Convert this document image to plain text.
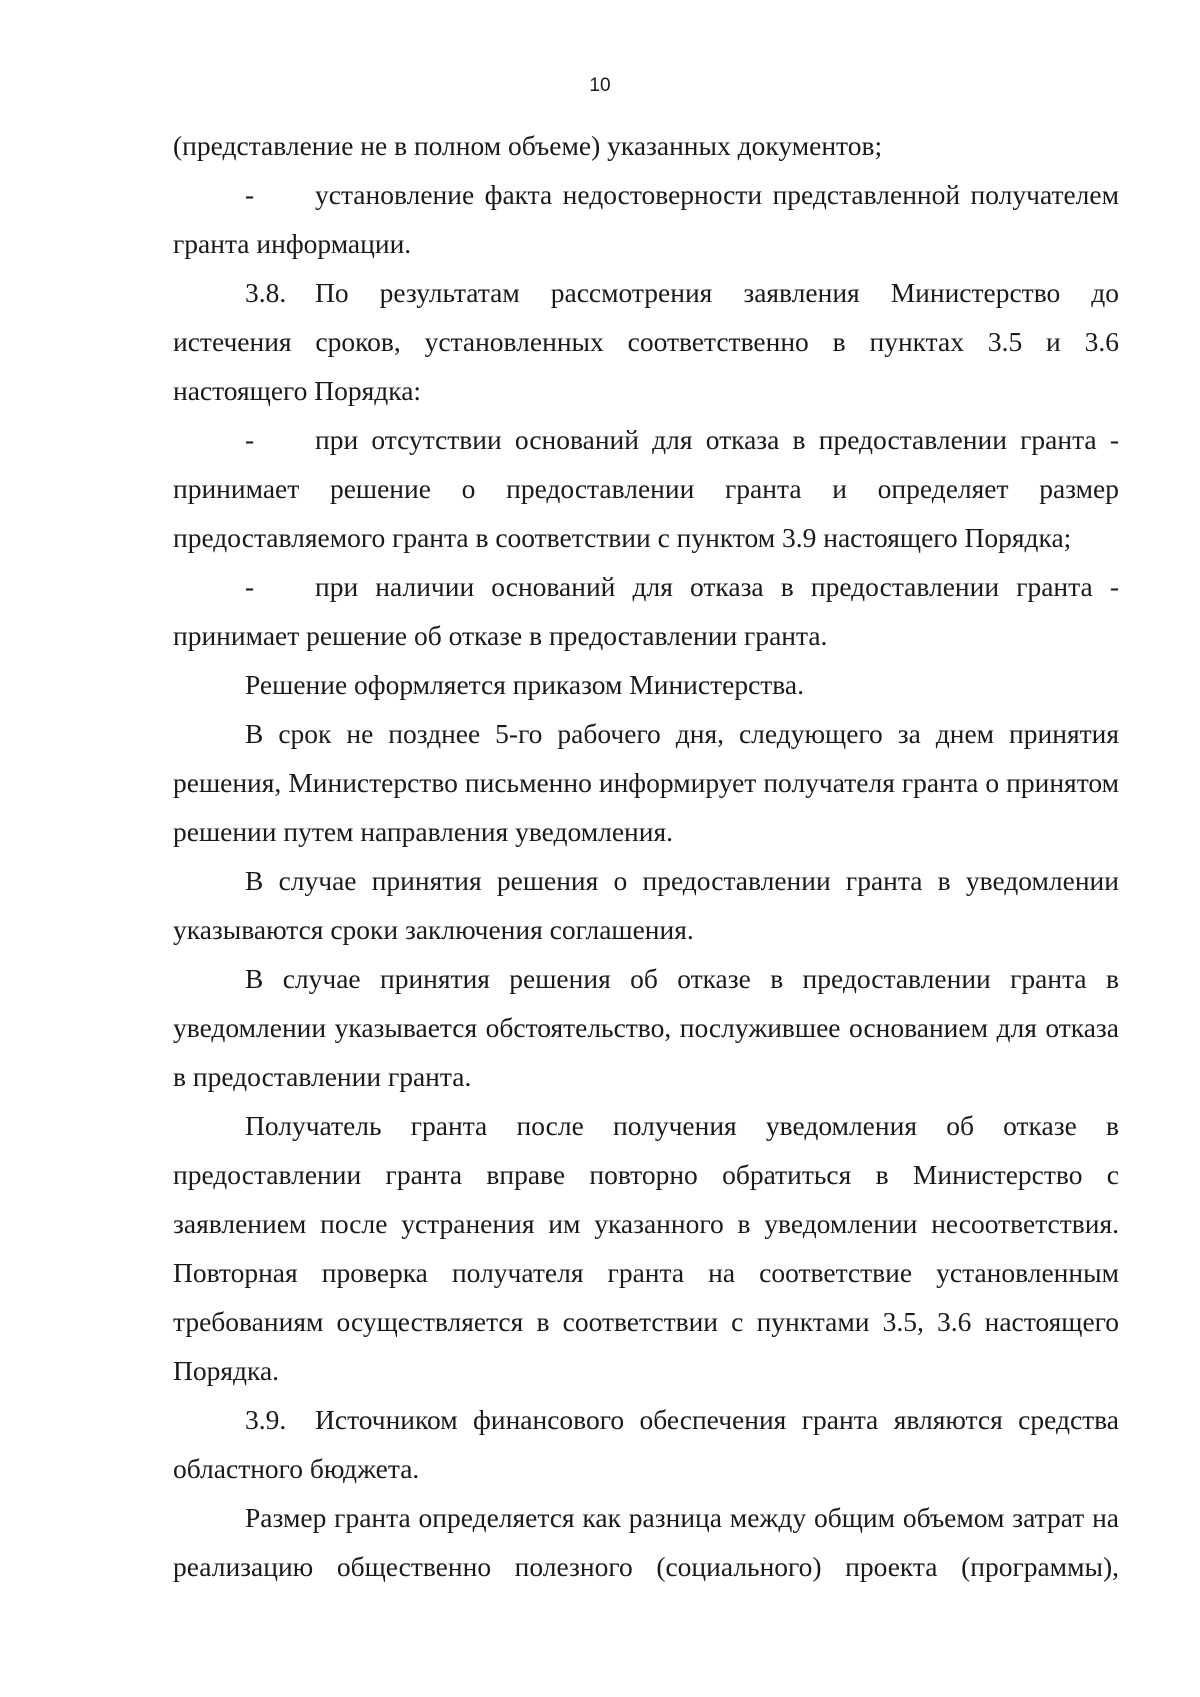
10

(представление не в полном объеме) указанных документов;

- установление факта недостоверности представленной получателем гранта информации.

3.8. По результатам рассмотрения заявления Министерство до истечения сроков, установленных соответственно в пунктах 3.5 и 3.6 настоящего Порядка:

- при отсутствии оснований для отказа в предоставлении гранта - принимает решение о предоставлении гранта и определяет размер предоставляемого гранта в соответствии с пунктом 3.9 настоящего Порядка;

- при наличии оснований для отказа в предоставлении гранта - принимает решение об отказе в предоставлении гранта.

Решение оформляется приказом Министерства.

В срок не позднее 5-го рабочего дня, следующего за днем принятия решения, Министерство письменно информирует получателя гранта о принятом решении путем направления уведомления.

В случае принятия решения о предоставлении гранта в уведомлении указываются сроки заключения соглашения.

В случае принятия решения об отказе в предоставлении гранта в уведомлении указывается обстоятельство, послужившее основанием для отказа в предоставлении гранта.

Получатель гранта после получения уведомления об отказе в предоставлении гранта вправе повторно обратиться в Министерство с заявлением после устранения им указанного в уведомлении несоответствия. Повторная проверка получателя гранта на соответствие установленным требованиям осуществляется в соответствии с пунктами 3.5, 3.6 настоящего Порядка.

3.9. Источником финансового обеспечения гранта являются средства областного бюджета.

Размер гранта определяется как разница между общим объемом затрат на реализацию общественно полезного (социального) проекта (программы),
